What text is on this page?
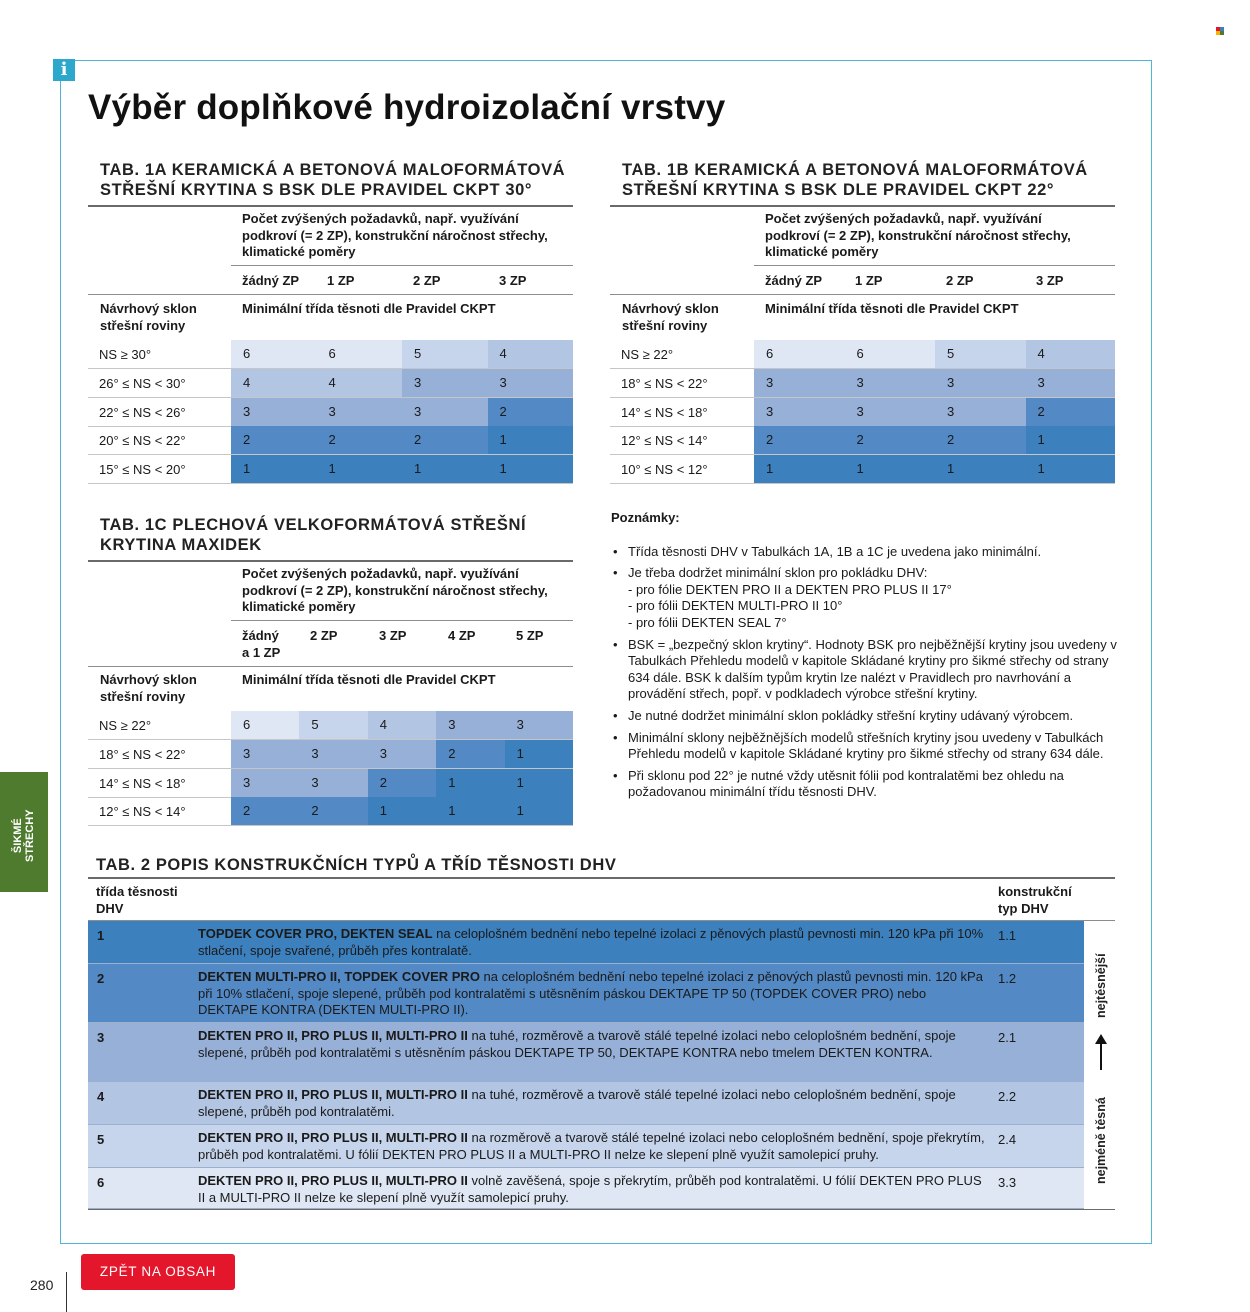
i
Výběr doplňkové hydroizolační vrstvy
TAB. 1A KERAMICKÁ A BETONOVÁ MALOFORMÁTOVÁ
STŘEŠNÍ KRYTINA S BSK DLE PRAVIDEL CKPT 30°
Počet zvýšených požadavků, např. využívání
podkroví (= 2 ZP), konstrukční náročnost střechy,
klimatické poměry
žádný ZP 1 ZP	2 ZP	3 ZP
Návrhový sklon
střešní roviny
Minimální třída těsnoti dle Pravidel CKPT
NS ≥ 30°	6	6	5	4
26° ≤ NS < 30°	4	4	3	3
22° ≤ NS < 26°	3	3	3	2
20° ≤ NS < 22°	2	2	2	1
15° ≤ NS < 20°	1	1	1	1
TAB. 1B KERAMICKÁ A BETONOVÁ MALOFORMÁTOVÁ
STŘEŠNÍ KRYTINA S BSK DLE PRAVIDEL CKPT 22°
Počet zvýšených požadavků, např. využívání
podkroví (= 2 ZP), konstrukční náročnost střechy,
klimatické poměry
žádný ZP	1 ZP	2 ZP	3 ZP
Návrhový sklon
střešní roviny
Minimální třída těsnoti dle Pravidel CKPT
NS ≥ 22°	6	6	5	4
18° ≤ NS < 22°	3	3	3	3
14° ≤ NS < 18°	3	3	3	2
12° ≤ NS < 14°	2	2	2	1
10° ≤ NS < 12°	1	1	1	1
TAB. 1C PLECHOVÁ VELKOFORMÁTOVÁ STŘEŠNÍ
KRYTINA MAXIDEK
Počet zvýšených požadavků, např. využívání
podkroví (= 2 ZP), konstrukční náročnost střechy,
klimatické poměry
žádný
a 1 ZP
2 ZP	3 ZP	4 ZP	5 ZP
Návrhový sklon
střešní roviny
Minimální třída těsnoti dle Pravidel CKPT
NS ≥ 22°	6	5	4	3	3
18° ≤ NS < 22°	3	3	3	2	1
14° ≤ NS < 18°	3	3	2	1	1
12° ≤ NS < 14°	2	2	1	1	1
Poznámky:
• Třída těsnosti DHV v Tabulkách 1A, 1B a 1C je uvedena jako minimální.
• Je třeba dodržet minimální sklon pro pokládku DHV:
- pro fólie DEKTEN PRO II a DEKTEN PRO PLUS II 17°
- pro fólii DEKTEN MULTI-PRO II 10°
- pro fólii DEKTEN SEAL 7°
• BSK = „bezpečný sklon krytiny“. Hodnoty BSK pro nejběžnější krytiny jsou uvedeny v Tabulkách Přehledu modelů v kapitole Skládané krytiny pro šikmé střechy od strany 634 dále. BSK k dalším typům krytin lze nalézt v Pravidlech pro navrhování a provádění střech, popř. v podkladech výrobce střešní krytiny.
• Je nutné dodržet minimální sklon pokládky střešní krytiny udávaný výrobcem.
• Minimální sklony nejběžnějších modelů střešních krytiny jsou uvedeny v Tabulkách Přehledu modelů v kapitole Skládané krytiny pro šikmé střechy od strany 634 dále.
• Při sklonu pod 22° je nutné vždy utěsnit fólii pod kontralatěmi bez ohledu na požadovanou minimální třídu těsnosti DHV.
TAB. 2 POPIS KONSTRUKČNÍCH TYPŮ A TŘÍD TĚSNOSTI DHV
třída těsnosti
DHV
konstrukční
typ DHV
1	TOPDEK COVER PRO, DEKTEN SEAL na celoplošném bednění nebo tepelné izolaci z pěnových plastů pevnosti min. 120 kPa při 10% stlačení, spoje svařené, průběh přes kontralatě.
1.1
2	DEKTEN MULTI-PRO II, TOPDEK COVER PRO na celoplošném bednění nebo tepelné izolaci z pěnových plastů pevnosti min. 120 kPa při 10% stlačení, spoje slepené, průběh pod kontralatěmi s utěsněním páskou DEKTAPE TP 50 (TOPDEK COVER PRO) nebo DEKTAPE KONTRA (DEKTEN MULTI-PRO II).
1.2
3	DEKTEN PRO II, PRO PLUS II, MULTI-PRO II na tuhé, rozměrově a tvarově stálé tepelné izolaci nebo celoplošném bednění, spoje slepené, průběh pod kontralatěmi s utěsněním páskou DEKTAPE TP 50, DEKTAPE KONTRA nebo tmelem DEKTEN KONTRA.
2.1
4	DEKTEN PRO II, PRO PLUS II, MULTI-PRO II na tuhé, rozměrově a tvarově stálé tepelné izolaci nebo celoplošném bednění, spoje slepené, průběh pod kontralatěmi.
2.2
5	DEKTEN PRO II, PRO PLUS II, MULTI-PRO II na rozměrově a tvarově stálé tepelné izolaci nebo celoplošném bednění, spoje překrytím, průběh pod kontralatěmi. U fólií DEKTEN PRO PLUS II a MULTI-PRO II nelze ke slepení plně využít samolepicí pruhy.
2.4
6	DEKTEN PRO II, PRO PLUS II, MULTI-PRO II volně zavěšená, spoje s překrytím, průběh pod kontralatěmi. U fólií DEKTEN PRO PLUS II a MULTI-PRO II nelze ke slepení plně využít samolepicí pruhy.
3.3
nejtěsnější
nejméně těsná
ŠIKMÉ STŘECHY
ZPĚT NA OBSAH
280
